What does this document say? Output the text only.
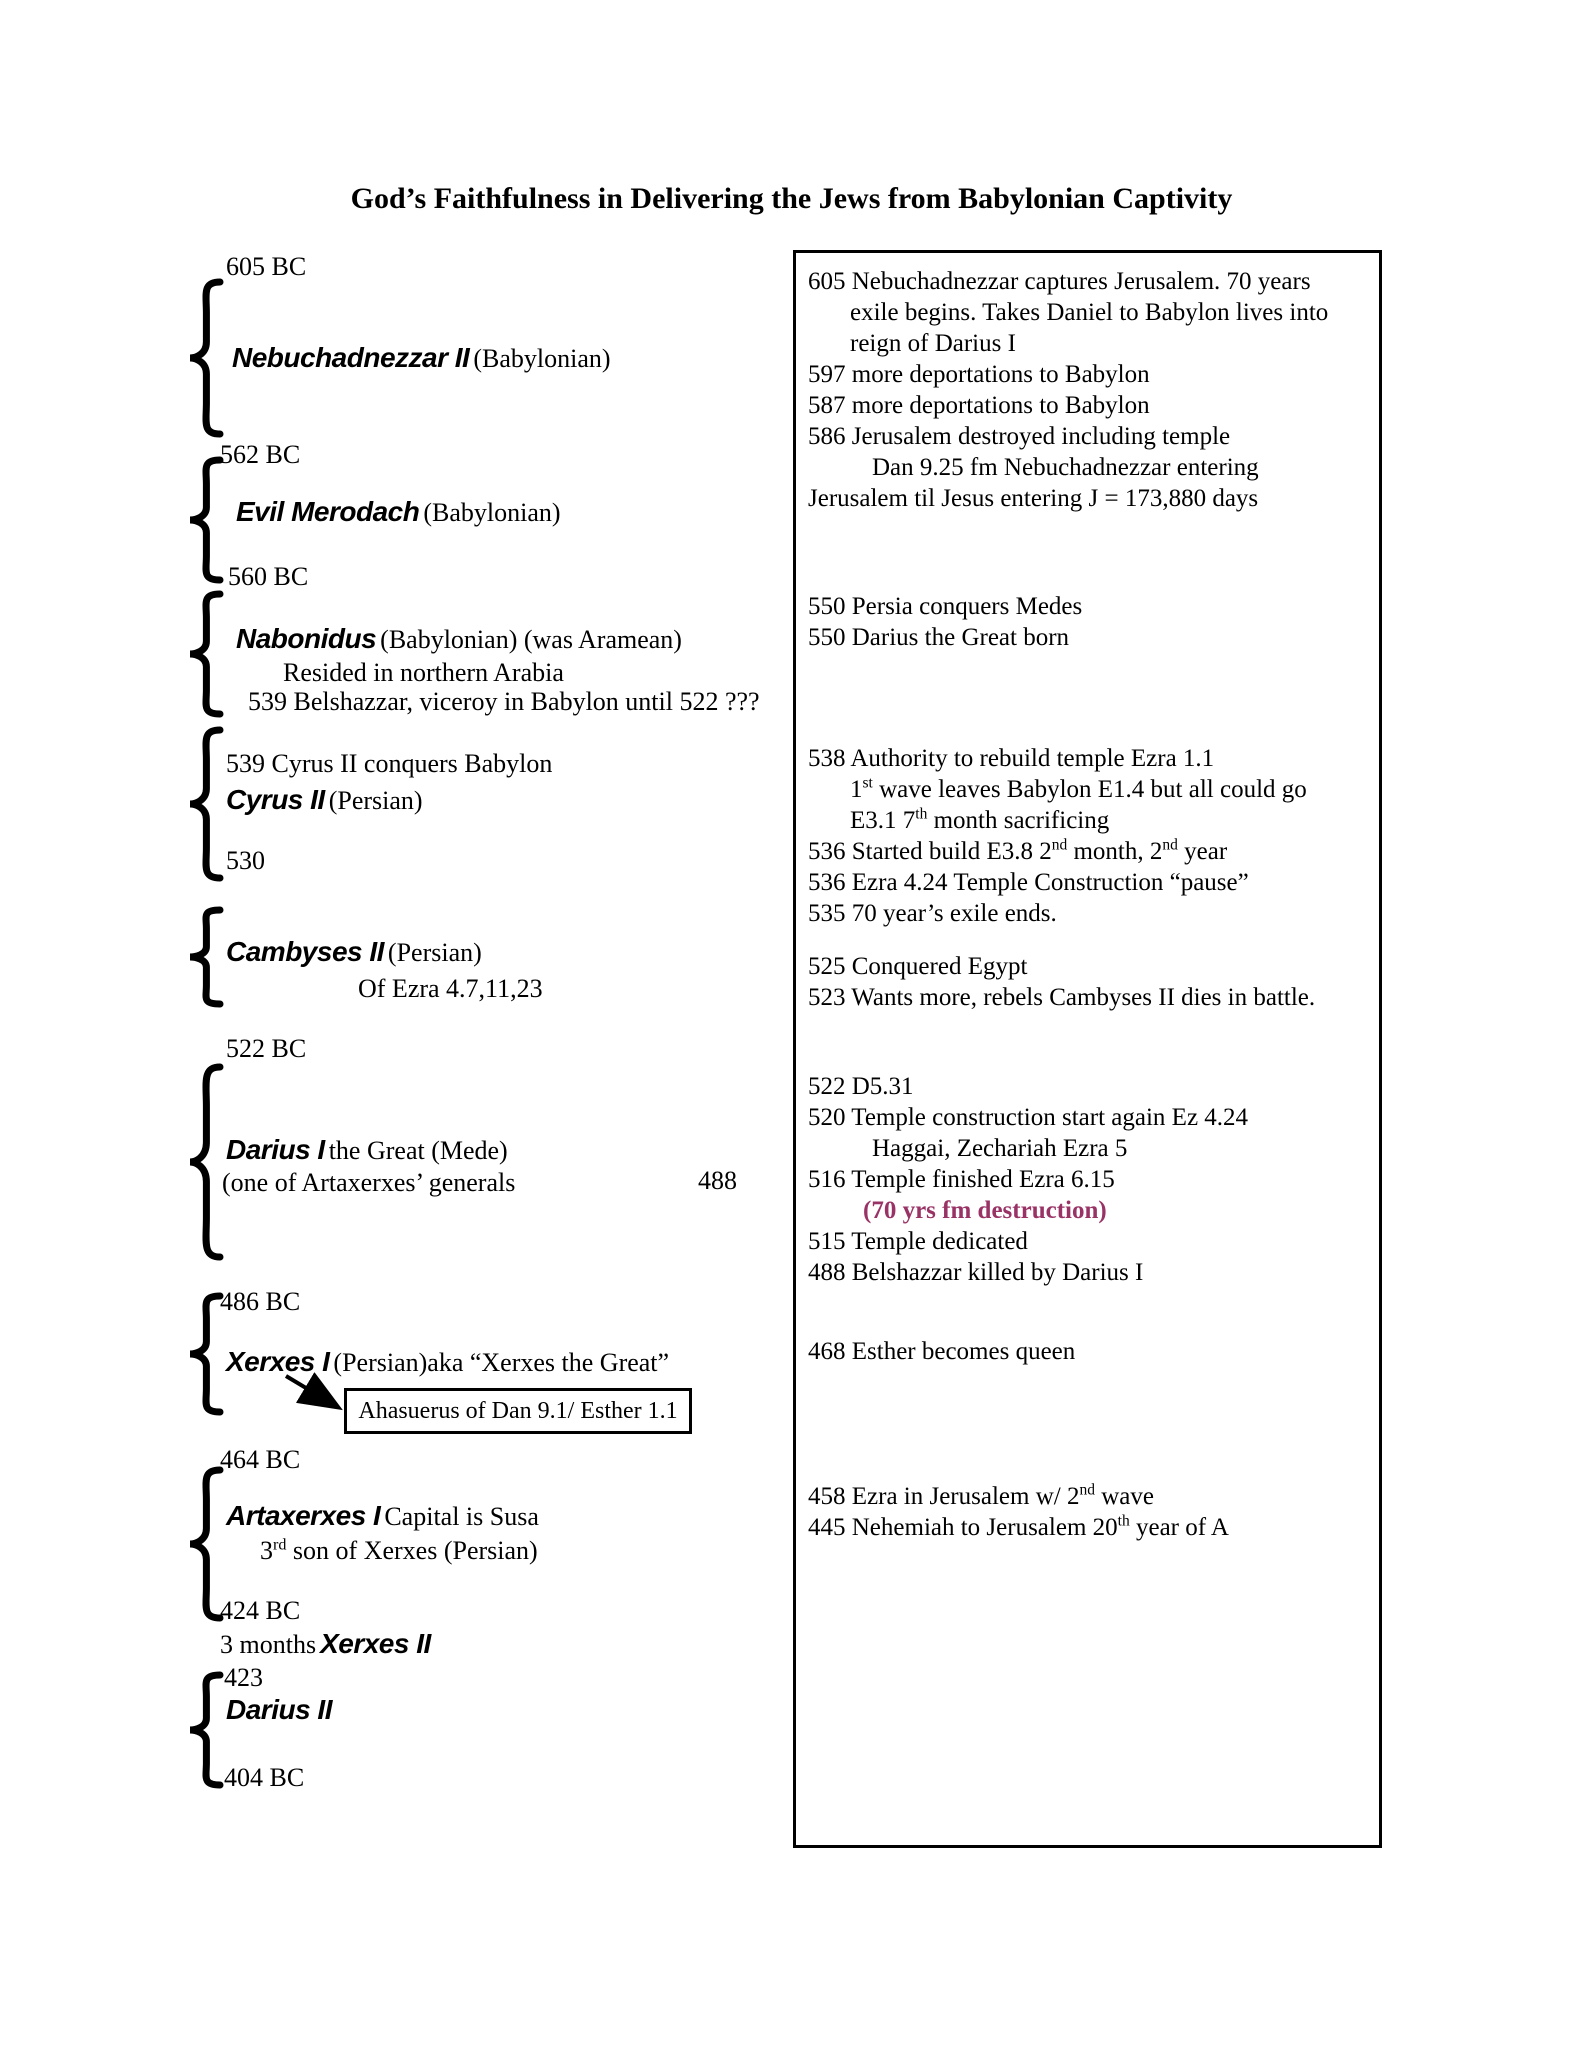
God’s Faithfulness in Delivering the Jews from Babylonian Captivity
605 BC
Nebuchadnezzar II (Babylonian)
562 BC
Evil Merodach (Babylonian)
560 BC
Nabonidus (Babylonian) (was Aramean)
Resided in northern Arabia
539 Belshazzar, viceroy in Babylon until 522 ???
539 Cyrus II conquers Babylon
Cyrus II (Persian)
530
Cambyses II (Persian)
Of Ezra 4.7,11,23
522 BC
Darius I the Great (Mede)
(one of Artaxerxes’ generals	488
486 BC
Xerxes I (Persian)aka “Xerxes the Great”
Ahasuerus of Dan 9.1/ Esther 1.1
464 BC
Artaxerxes I Capital is Susa
3rd son of Xerxes (Persian)
424 BC
3 months Xerxes II
423
Darius II
404 BC
605 Nebuchadnezzar captures Jerusalem. 70 years
exile begins. Takes Daniel to Babylon lives into
reign of Darius I
597 more deportations to Babylon
587 more deportations to Babylon
586 Jerusalem destroyed including temple
Dan 9.25 fm Nebuchadnezzar entering
Jerusalem til Jesus entering J = 173,880 days
550 Persia conquers Medes
550 Darius the Great born
538 Authority to rebuild temple Ezra 1.1
1st wave leaves Babylon E1.4 but all could go
E3.1 7th month sacrificing
536 Started build E3.8 2nd month, 2nd year
536 Ezra 4.24 Temple Construction “pause”
535 70 year’s exile ends.
525 Conquered Egypt
523 Wants more, rebels Cambyses II dies in battle.
522 D5.31
520 Temple construction start again Ez 4.24
Haggai, Zechariah Ezra 5
516 Temple finished Ezra 6.15
(70 yrs fm destruction)
515 Temple dedicated
488 Belshazzar killed by Darius I
468 Esther becomes queen
458 Ezra in Jerusalem w/ 2nd wave
445 Nehemiah to Jerusalem 20th year of A
